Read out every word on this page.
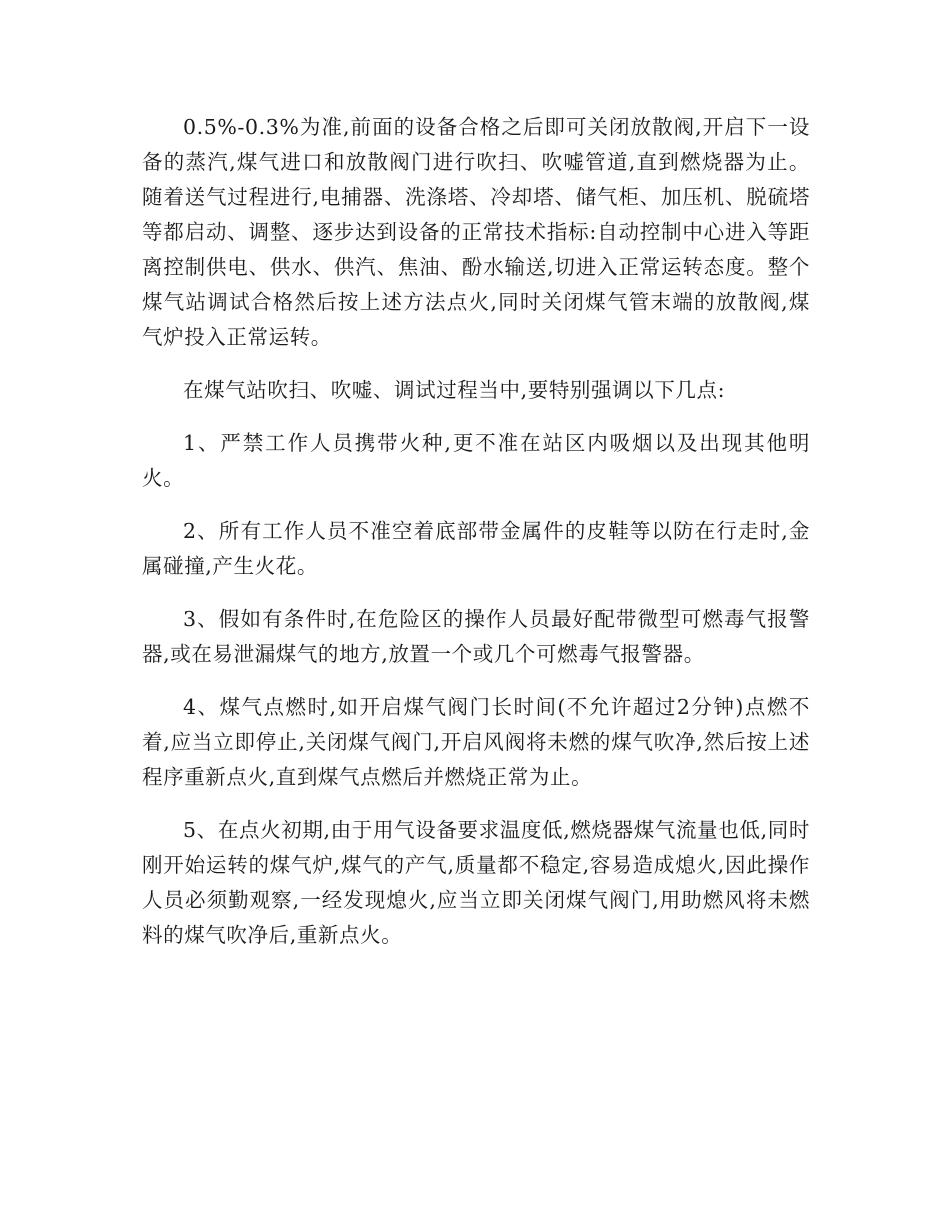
0.5%-0.3%为准,前面的设备合格之后即可关闭放散阀,开启下一设备的蒸汽,煤气进口和放散阀门进行吹扫、吹嘘管道,直到燃烧器为止。随着送气过程进行,电捕器、洗涤塔、冷却塔、储气柜、加压机、脱硫塔等都启动、调整、逐步达到设备的正常技术指标:自动控制中心进入等距离控制供电、供水、供汽、焦油、酚水输送,切进入正常运转态度。整个煤气站调试合格然后按上述方法点火,同时关闭煤气管末端的放散阀,煤气炉投入正常运转。

在煤气站吹扫、吹嘘、调试过程当中,要特别强调以下几点:

1、严禁工作人员携带火种,更不准在站区内吸烟以及出现其他明火。

2、所有工作人员不准空着底部带金属件的皮鞋等以防在行走时,金属碰撞,产生火花。

3、假如有条件时,在危险区的操作人员最好配带微型可燃毒气报警器,或在易泄漏煤气的地方,放置一个或几个可燃毒气报警器。

4、煤气点燃时,如开启煤气阀门长时间(不允许超过2分钟)点燃不着,应当立即停止,关闭煤气阀门,开启风阀将未燃的煤气吹净,然后按上述程序重新点火,直到煤气点燃后并燃烧正常为止。

5、在点火初期,由于用气设备要求温度低,燃烧器煤气流量也低,同时刚开始运转的煤气炉,煤气的产气,质量都不稳定,容易造成熄火,因此操作人员必须勤观察,一经发现熄火,应当立即关闭煤气阀门,用助燃风将未燃料的煤气吹净后,重新点火。
